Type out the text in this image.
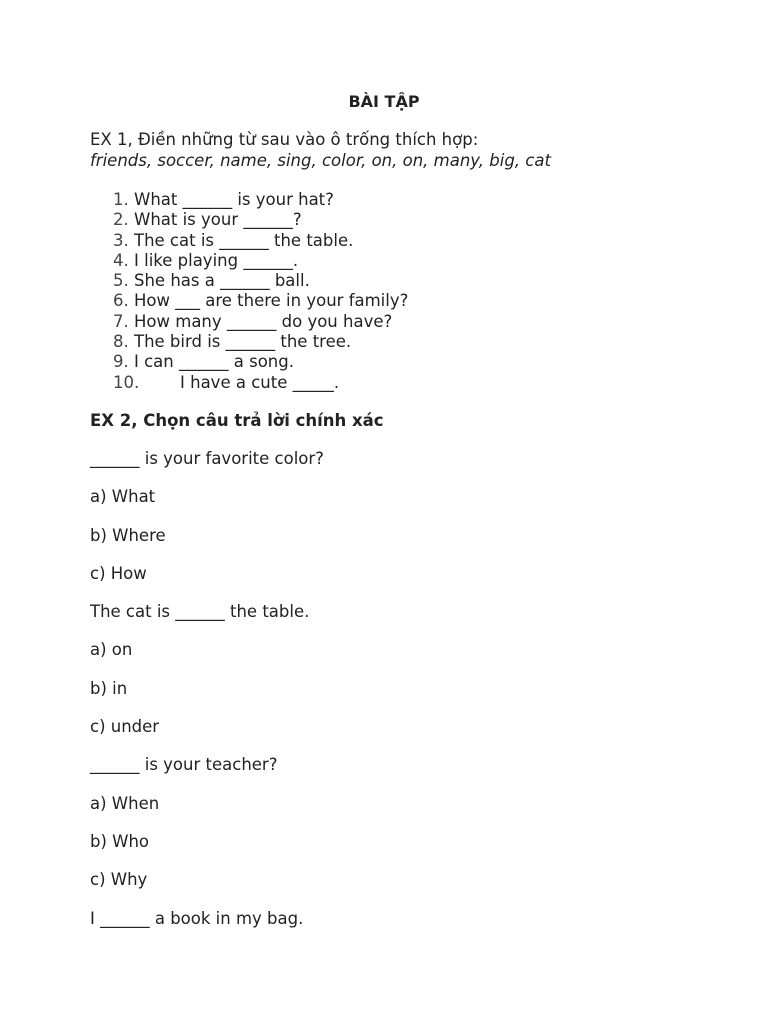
BÀI TẬP
EX 1, Điền những từ sau vào ô trống thích hợp:
friends, soccer, name, sing, color, on, on, many, big, cat
1. What ______ is your hat?
2. What is your ______?
3. The cat is ______ the table.
4. I like playing ______.
5. She has a ______ ball.
6. How ___ are there in your family?
7. How many ______ do you have?
8. The bird is ______ the tree.
9. I can ______ a song.
10. I have a cute _____.
EX 2, Chọn câu trả lời chính xác
______ is your favorite color?
a) What
b) Where
c) How
The cat is ______ the table.
a) on
b) in
c) under
______ is your teacher?
a) When
b) Who
c) Why
I ______ a book in my bag.
